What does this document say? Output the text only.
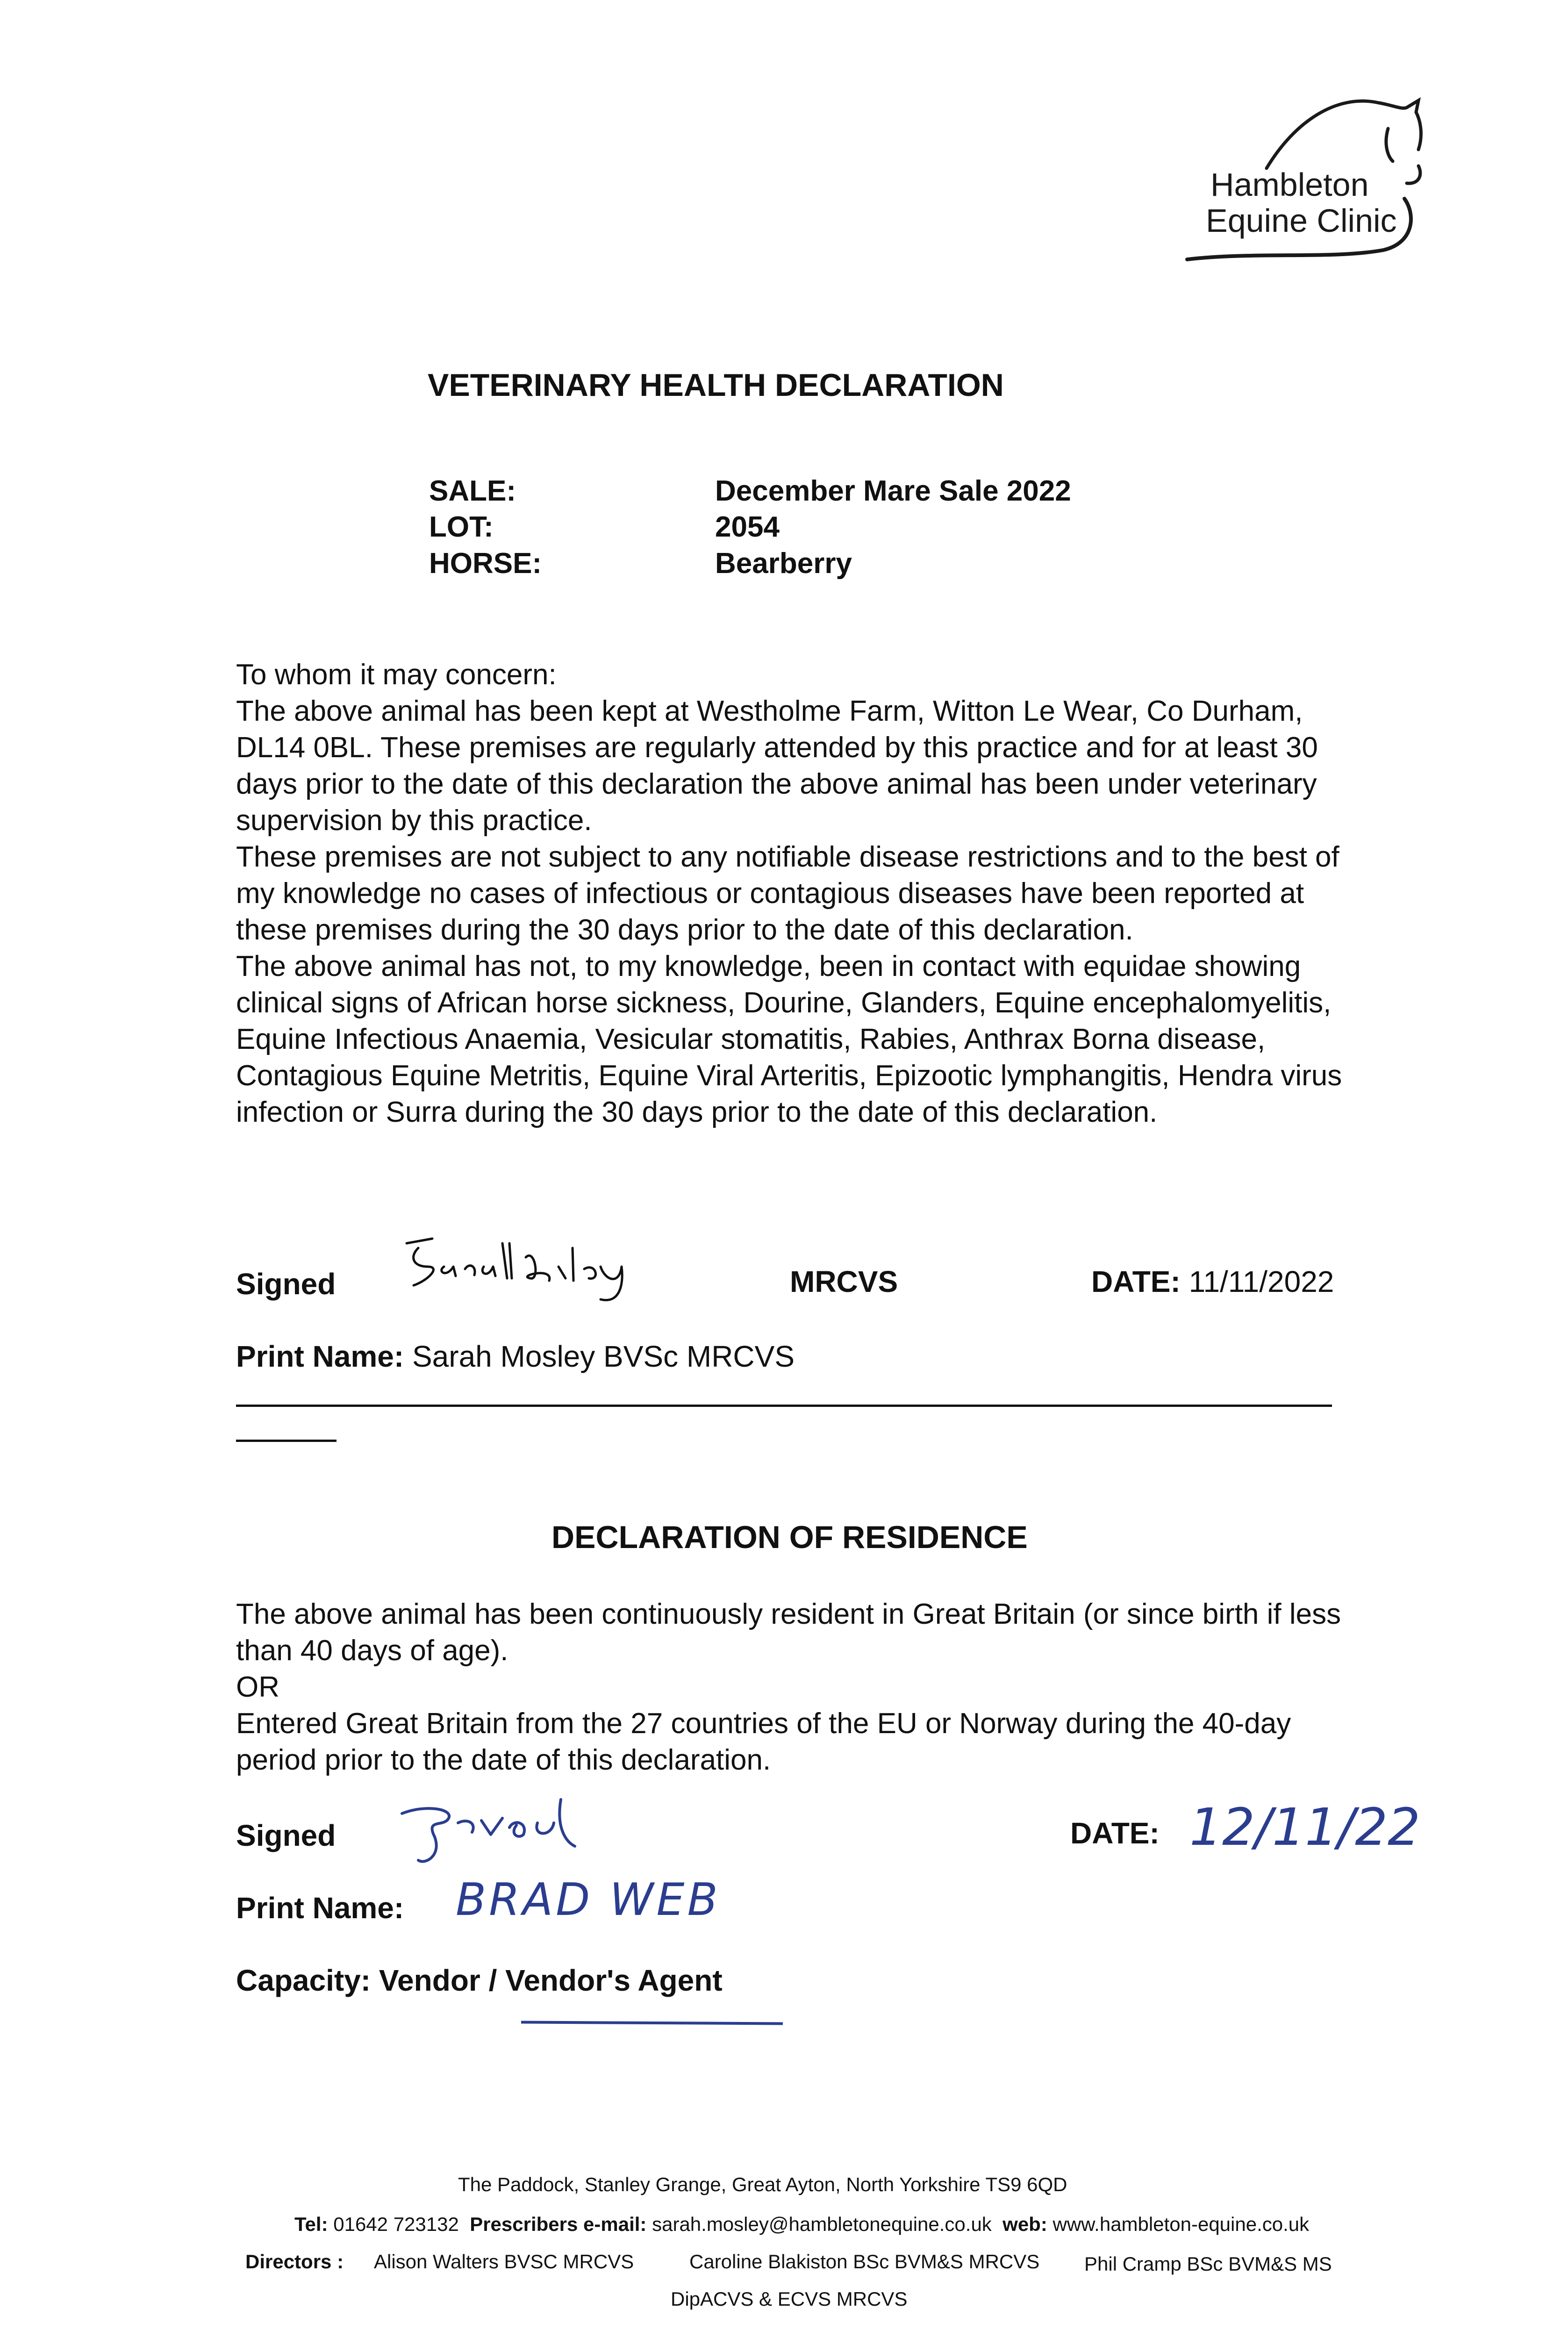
Hambleton
Equine Clinic
VETERINARY HEALTH DECLARATION
SALE:	December Mare Sale 2022
LOT:	2054
HORSE:	Bearberry
To whom it may concern:
The above animal has been kept at Westholme Farm, Witton Le Wear, Co Durham, DL14 0BL. These premises are regularly attended by this practice and for at least 30 days prior to the date of this declaration the above animal has been under veterinary supervision by this practice.
These premises are not subject to any notifiable disease restrictions and to the best of my knowledge no cases of infectious or contagious diseases have been reported at these premises during the 30 days prior to the date of this declaration.
The above animal has not, to my knowledge, been in contact with equidae showing clinical signs of African horse sickness, Dourine, Glanders, Equine encephalomyelitis, Equine Infectious Anaemia, Vesicular stomatitis, Rabies, Anthrax Borna disease, Contagious Equine Metritis, Equine Viral Arteritis, Epizootic lymphangitis, Hendra virus infection or Surra during the 30 days prior to the date of this declaration.
Signed	MRCVS	DATE: 11/11/2022
Print Name: Sarah Mosley BVSc MRCVS
DECLARATION OF RESIDENCE
The above animal has been continuously resident in Great Britain (or since birth if less than 40 days of age).
OR
Entered Great Britain from the 27 countries of the EU or Norway during the 40-day period prior to the date of this declaration.
Signed	DATE: 12/11/22
Print Name: BRAD WEB
Capacity: Vendor / Vendor's Agent
The Paddock, Stanley Grange, Great Ayton, North Yorkshire TS9 6QD
Tel: 01642 723132 Prescribers e-mail: sarah.mosley@hambletonequine.co.uk web: www.hambleton-equine.co.uk
Directors : Alison Walters BVSC MRCVS	Caroline Blakiston BSc BVM&S MRCVS Phil Cramp BSc BVM&S MS
DipACVS & ECVS MRCVS
